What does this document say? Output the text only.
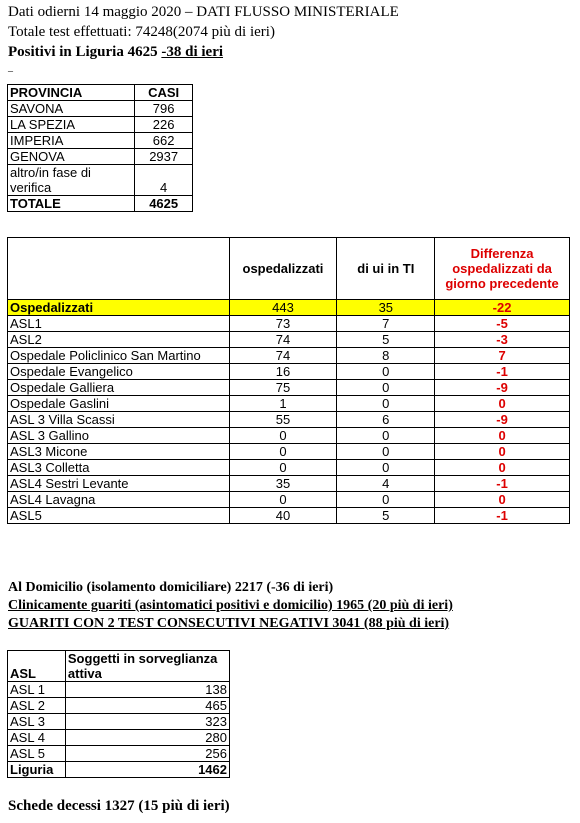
Dati odierni 14 maggio 2020 – DATI FLUSSO MINISTERIALE
Totale test effettuati: 74248(2074 più di ieri)
Positivi in Liguria 4625 -38 di ieri
_
PROVINCIA	CASI
SAVONA	796
LA SPEZIA	226
IMPERIA	662
GENOVA	2937
altro/in fase di verifica	4
TOTALE	4625
	ospedalizzati	di ui in TI	Differenza ospedalizzati da giorno precedente
Ospedalizzati	443	35	-22
ASL1	73	7	-5
ASL2	74	5	-3
Ospedale Policlinico San Martino	74	8	7
Ospedale Evangelico	16	0	-1
Ospedale Galliera	75	0	-9
Ospedale Gaslini	1	0	0
ASL 3 Villa Scassi	55	6	-9
ASL 3 Gallino	0	0	0
ASL3 Micone	0	0	0
ASL3 Colletta	0	0	0
ASL4 Sestri Levante	35	4	-1
ASL4 Lavagna	0	0	0
ASL5	40	5	-1
Al Domicilio (isolamento domiciliare) 2217 (-36 di ieri)
Clinicamente guariti (asintomatici positivi e domicilio) 1965 (20 più di ieri)
GUARITI CON 2 TEST CONSECUTIVI NEGATIVI 3041 (88 più di ieri)
ASL	Soggetti in sorveglianza attiva
ASL 1	138
ASL 2	465
ASL 3	323
ASL 4	280
ASL 5	256
Liguria	1462
Schede decessi 1327 (15 più di ieri)
